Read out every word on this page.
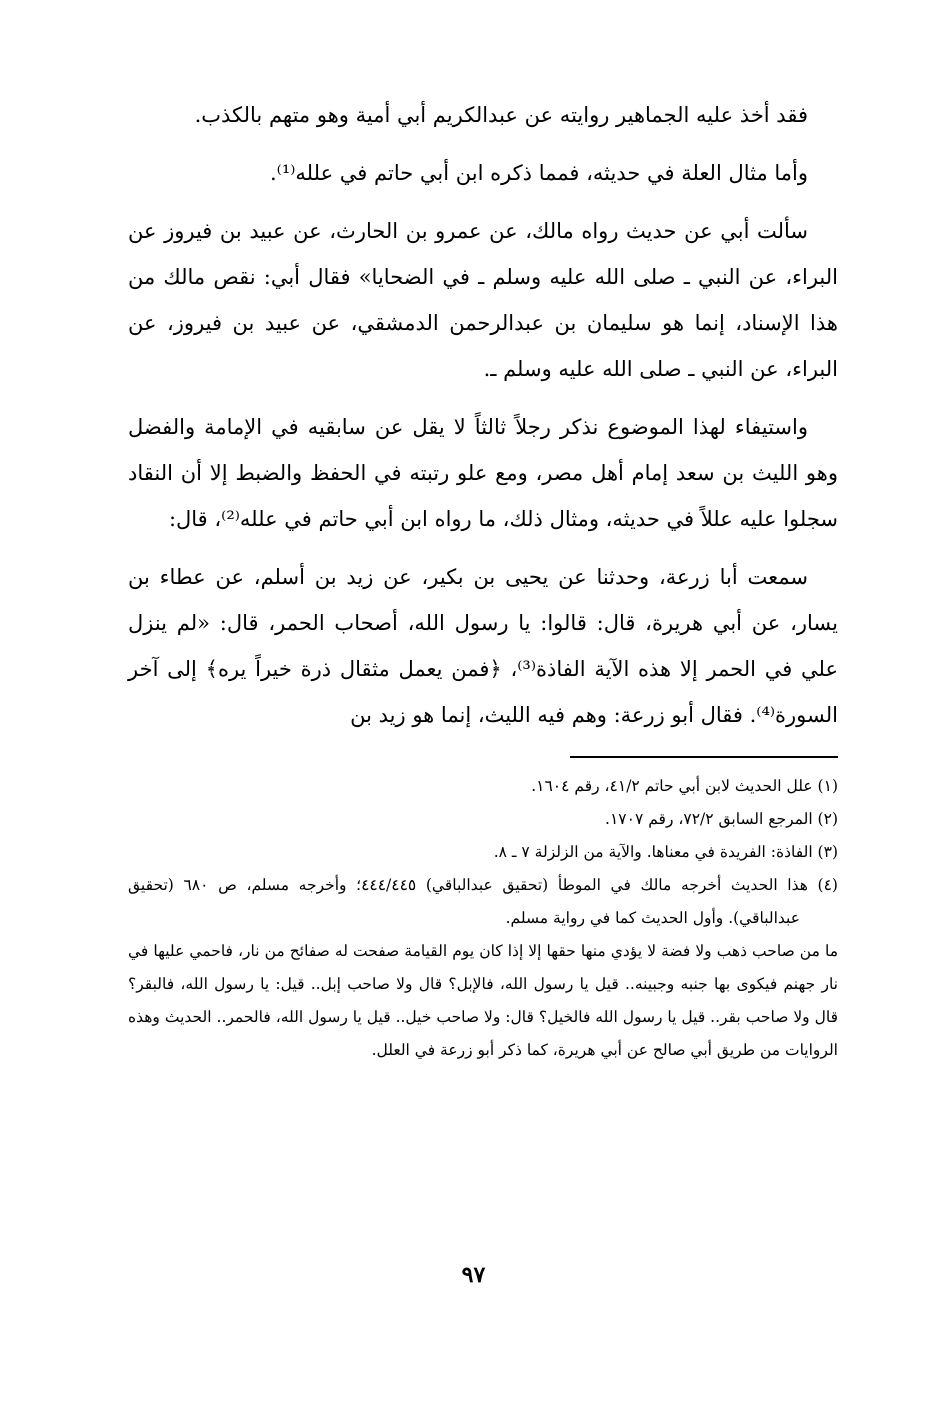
فقد أخذ عليه الجماهير روايته عن عبدالكريم أبي أمية وهو متهم بالكذب.

وأما مثال العلة في حديثه، فمما ذكره ابن أبي حاتم في علله⁽¹⁾.

سألت أبي عن حديث رواه مالك، عن عمرو بن الحارث، عن عبيد بن فيروز عن البراء، عن النبي ـ صلى الله عليه وسلم ـ في الضحايا» فقال أبي: نقص مالك من هذا الإسناد، إنما هو سليمان بن عبدالرحمن الدمشقي، عن عبيد بن فيروز، عن البراء، عن النبي ـ صلى الله عليه وسلم ـ.

واستيفاء لهذا الموضوع نذكر رجلاً ثالثاً لا يقل عن سابقيه في الإمامة والفضل وهو الليث بن سعد إمام أهل مصر، ومع علو رتبته في الحفظ والضبط إلا أن النقاد سجلوا عليه عللاً في حديثه، ومثال ذلك، ما رواه ابن أبي حاتم في علله⁽²⁾، قال:

سمعت أبا زرعة، وحدثنا عن يحيى بن بكير، عن زيد بن أسلم، عن عطاء بن يسار، عن أبي هريرة، قال: قالوا: يا رسول الله، أصحاب الحمر، قال: «لم ينزل علي في الحمر إلا هذه الآية الفاذة⁽³⁾، ﴿فمن يعمل مثقال ذرة خيراً يره﴾ إلى آخر السورة⁽⁴⁾. فقال أبو زرعة: وهم فيه الليث، إنما هو زيد بن

(١) علل الحديث لابن أبي حاتم ٤١/٢، رقم ١٦٠٤.

(٢) المرجع السابق ٧٢/٢، رقم ١٧٠٧.

(٣) الفاذة: الفريدة في معناها. والآية من الزلزلة ٧ ـ ٨.

(٤) هذا الحديث أخرجه مالك في الموطأ (تحقيق عبدالباقي) ٤٤٤/٤٤٥؛ وأخرجه مسلم، ص ٦٨٠ (تحقيق عبدالباقي). وأول الحديث كما في رواية مسلم.

ما من صاحب ذهب ولا فضة لا يؤدي منها حقها إلا إذا كان يوم القيامة صفحت له صفائح من نار، فاحمي عليها في نار جهنم فيكوى بها جنبه وجبينه.. قيل يا رسول الله، فالإبل؟ قال ولا صاحب إبل.. قيل: يا رسول الله، فالبقر؟ قال ولا صاحب بقر.. قيل يا رسول الله فالخيل؟ قال: ولا صاحب خيل.. قيل يا رسول الله، فالحمر.. الحديث وهذه الروايات من طريق أبي صالح عن أبي هريرة، كما ذكر أبو زرعة في العلل.

٩٧
